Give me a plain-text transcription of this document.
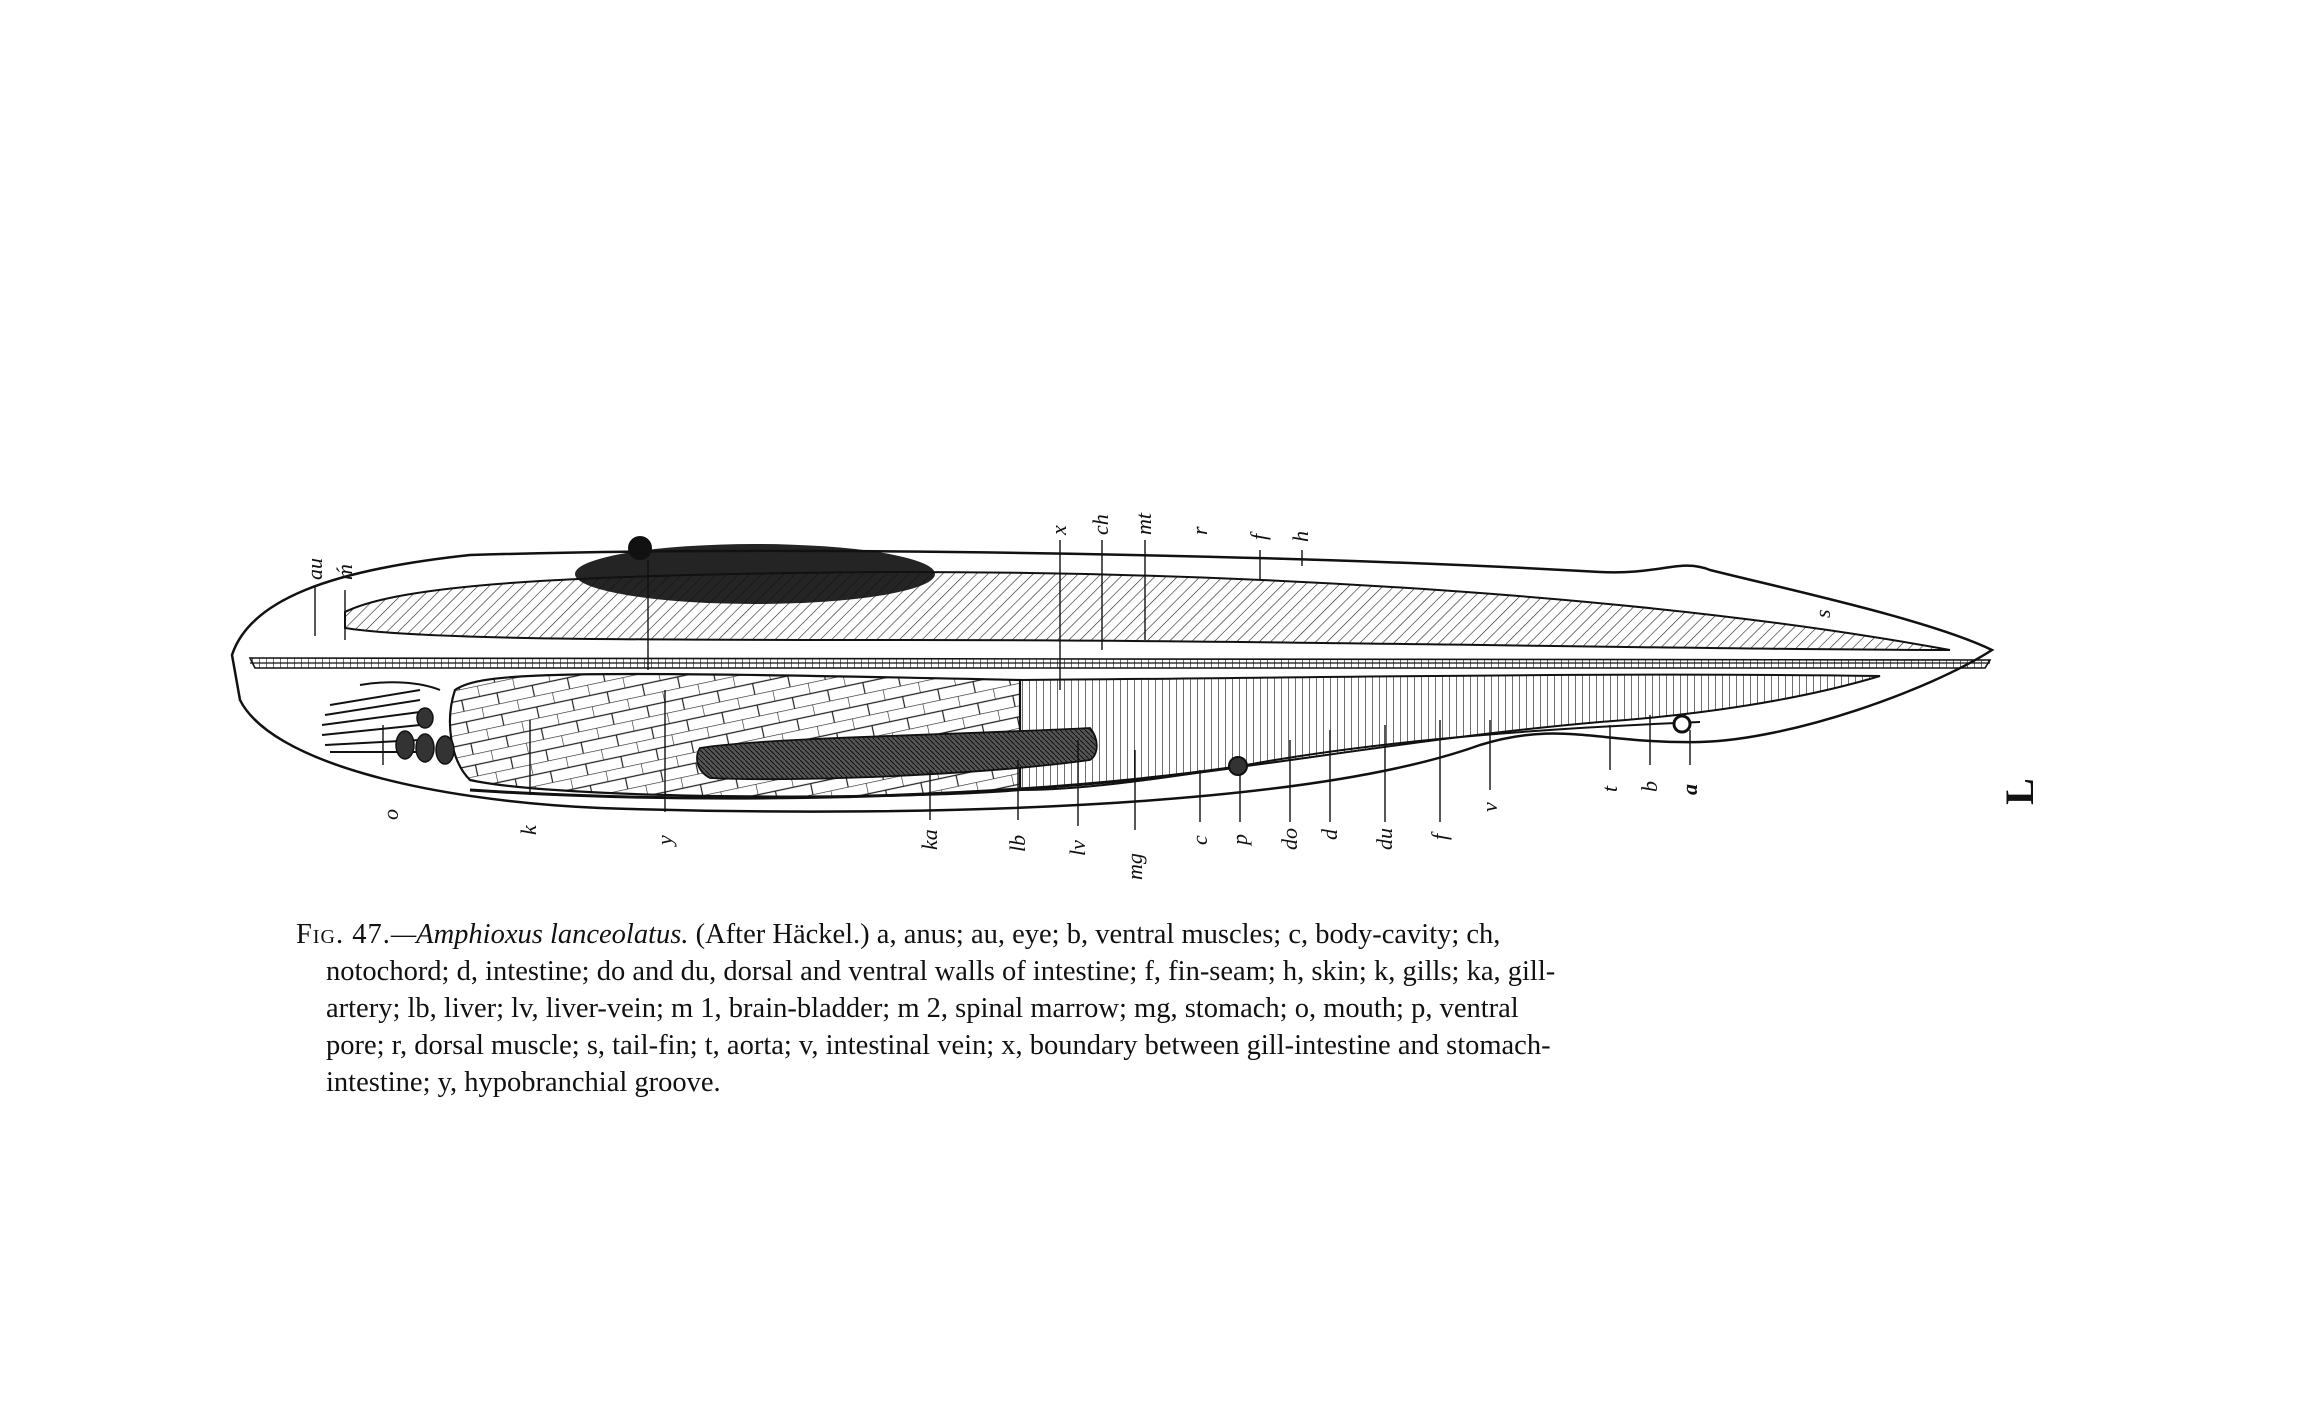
au ḿ
x ch mt r
f h
s
o
k
y	ka	lb lv
mg
c p do d du f
v
t b a	L
Fig. 47.—Amphioxus lanceolatus. (After Häckel.) a, anus; au, eye; b, ventral muscles; c, body-cavity; ch,
notochord; d, intestine; do and du, dorsal and ventral walls of intestine; f, fin-seam; h, skin; k, gills; ka, gill-
artery; lb, liver; lv, liver-vein; m 1, brain-bladder; m 2, spinal marrow; mg, stomach; o, mouth; p, ventral
pore; r, dorsal muscle; s, tail-fin; t, aorta; v, intestinal vein; x, boundary between gill-intestine and stomach-
intestine; y, hypobranchial groove.
